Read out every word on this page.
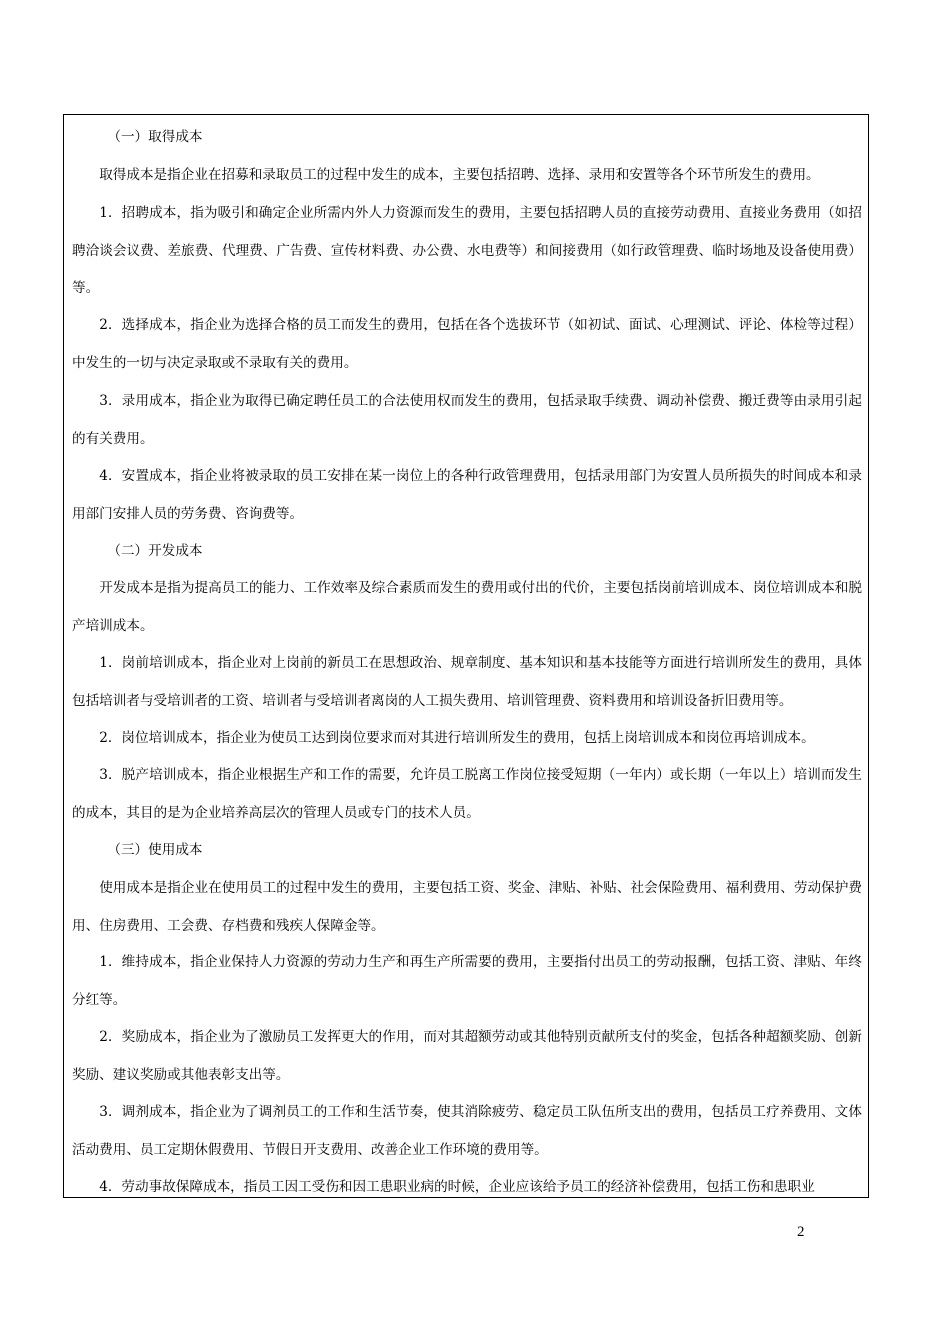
（一）取得成本

取得成本是指企业在招募和录取员工的过程中发生的成本，主要包括招聘、选择、录用和安置等各个环节所发生的费用。

1．招聘成本，指为吸引和确定企业所需内外人力资源而发生的费用，主要包括招聘人员的直接劳动费用、直接业务费用（如招聘洽谈会议费、差旅费、代理费、广告费、宣传材料费、办公费、水电费等）和间接费用（如行政管理费、临时场地及设备使用费）等。

2．选择成本，指企业为选择合格的员工而发生的费用，包括在各个选拔环节（如初试、面试、心理测试、评论、体检等过程）中发生的一切与决定录取或不录取有关的费用。

3．录用成本，指企业为取得已确定聘任员工的合法使用权而发生的费用，包括录取手续费、调动补偿费、搬迁费等由录用引起的有关费用。

4．安置成本，指企业将被录取的员工安排在某一岗位上的各种行政管理费用，包括录用部门为安置人员所损失的时间成本和录用部门安排人员的劳务费、咨询费等。

（二）开发成本

开发成本是指为提高员工的能力、工作效率及综合素质而发生的费用或付出的代价，主要包括岗前培训成本、岗位培训成本和脱产培训成本。

1．岗前培训成本，指企业对上岗前的新员工在思想政治、规章制度、基本知识和基本技能等方面进行培训所发生的费用，具体包括培训者与受培训者的工资、培训者与受培训者离岗的人工损失费用、培训管理费、资料费用和培训设备折旧费用等。

2．岗位培训成本，指企业为使员工达到岗位要求而对其进行培训所发生的费用，包括上岗培训成本和岗位再培训成本。

3．脱产培训成本，指企业根据生产和工作的需要，允许员工脱离工作岗位接受短期（一年内）或长期（一年以上）培训而发生的成本，其目的是为企业培养高层次的管理人员或专门的技术人员。

（三）使用成本

使用成本是指企业在使用员工的过程中发生的费用，主要包括工资、奖金、津贴、补贴、社会保险费用、福利费用、劳动保护费用、住房费用、工会费、存档费和残疾人保障金等。

1．维持成本，指企业保持人力资源的劳动力生产和再生产所需要的费用，主要指付出员工的劳动报酬，包括工资、津贴、年终分红等。

2．奖励成本，指企业为了激励员工发挥更大的作用，而对其超额劳动或其他特别贡献所支付的奖金，包括各种超额奖励、创新奖励、建议奖励或其他表彰支出等。

3．调剂成本，指企业为了调剂员工的工作和生活节奏，使其消除疲劳、稳定员工队伍所支出的费用，包括员工疗养费用、文体活动费用、员工定期休假费用、节假日开支费用、改善企业工作环境的费用等。

4．劳动事故保障成本，指员工因工受伤和因工患职业病的时候，企业应该给予员工的经济补偿费用，包括工伤和患职业

2
